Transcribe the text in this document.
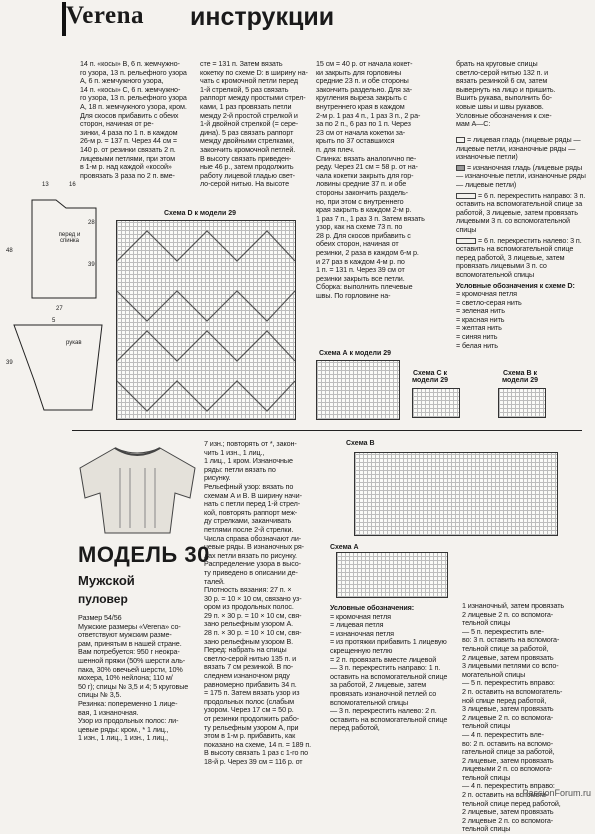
Verena инструкции
14 п. «косы» В, 6 п. жемчужно-
го узора, 13 п. рельефного узора
А, 6 п. жемчужного узора,
14 п. «косы» С, 6 п. жемчужно-
го узора, 13 п. рельефного узора
А, 18 п. жемчужного узора, кром.
Для скосов прибавить с обеих
сторон, начиная от ре-
зинки, 4 раза по 1 п. в каждом
26-м р. = 137 п. Через 44 см =
140 р. от резинки связать 2 п.
лицевыми петлями, при этом
в 1-м р. над каждой «косой»
провязать 3 раза по 2 п. вме-
сте = 131 п. Затем вязать
кокетку по схеме D: в ширину на-
чать с кромочной петли перед
1-й стрелкой, 5 раз связать
раппорт между простыми стрел-
ками, 1 раз провязать петли
между 2-й простой стрелкой и
1-й двойной стрелкой (= сере-
дина). 5 раз связать раппорт
между двойными стрелками,
закончить кромочной петлей.
В высоту связать приведен-
ные 46 р., затем продолжить
работу лицевой гладью свет-
ло-серой нитью. На высоте
15 см = 40 р. от начала кокет-
ки закрыть для горловины
средние 23 п. и обе стороны
закончить раздельно. Для за-
кругления выреза закрыть с
внутреннего края в каждом
2-м р. 1 раз 4 п., 1 раз 3 п., 2 ра-
за по 2 п., 6 раз по 1 п. Через
23 см от начала кокетки за-
крыть по 37 оставшихся
п. для плеч.
Спинка: вязать аналогично пе-
реду. Через 21 см = 58 р. от на-
чала кокетки закрыть для гор-
ловины средние 37 п. и обе
стороны закончить раздель-
но, при этом с внутреннего
края закрыть в каждом 2-м р.
1 раз 7 п., 1 раз 3 п. Затем вязать
узор, как на схеме 73 п. по
28 р. Для скосов прибавить с
обеих сторон, начиная от
резинки, 2 раза в каждом 6-м р.
и 27 раз в каждом 4-м р. по
1 п. = 131 п. Через 39 см от
резинки закрыть все петли.
Сборка: выполнить плечевые
швы. По горловине на-
брать на круговые спицы
светло-серой нитью 132 п. и
вязать резинкой 6 см, затем
вывернуть на лицо и пришить.
Вшить рукава, выполнить бо-
ковые швы и швы рукавов.
Условные обозначения к схе-
мам А—С:
= лицевая гладь (лицевые ряды — лицевые петли, изнаночные ряды — изнаночные петли)
= изнаночная гладь (лицевые ряды — изнаночные петли, изнаночные ряды — лицевые петли)
= 6 п. перекрестить направо: 3 п. оставить на вспомогательной спице за работой, 3 лицевые, затем провязать лицевыми 3 п. со вспомогательной спицы
= 6 п. перекрестить налево: 3 п. оставить на вспомогательной спице перед работой, 3 лицевые, затем провязать лицевыми 3 п. со вспомогательной спицы
Условные обозначения к схеме D:
= кромочная петля
= светло-серая нить
= зеленая нить
= красная нить
= желтая нить
= синяя нить
= белая нить
перед и спинка
рукав
13	16
28
48
39
27
5
39
Схема D к модели 29
Схема А к модели 29
Схема С к модели 29
Схема В к модели 29
МОДЕЛЬ 30
Мужской
пуловер
Размер 54/56
Мужские размеры «Verena» со-
ответствуют мужским разме-
рам, принятым в нашей стране.
Вам потребуется: 950 г неокра-
шенной пряжи (50% шерсти аль-
пака, 30% овечьей шерсти, 10%
мохера, 10% нейлона; 110 м/
50 г); спицы № 3,5 и 4; 5 круговые
спицы № 3,5.
Резинка: попеременно 1 лице-
вая, 1 изнаночная.
Узор из продольных полос: ли-
цевые ряды: кром., * 1 лиц.,
1 изн., 1 лиц., 1 изн., 1 лиц.,
7 изн.; повторять от *, закон-
чить 1 изн., 1 лиц.,
1 лиц., 1 кром. Изнаночные
ряды: петли вязать по
рисунку.
Рельефный узор: вязать по
схемам А и В. В ширину начи-
нать с петли перед 1-й стрел-
кой, повторять раппорт меж-
ду стрелками, заканчивать
петлями после 2-й стрелки.
Числа справа обозначают ли-
цевые ряды. В изнаночных ря-
дах петли вязать по рисунку.
Распределение узора в высо-
ту приведено в описании де-
талей.
Плотность вязания: 27 п. ×
30 р. = 10 × 10 см, связано уз-
ором из продольных полос.
29 п. × 30 р. = 10 × 10 см, свя-
зано рельефным узором А.
28 п. × 30 р. = 10 × 10 см, свя-
зано рельефным узором В.
Перед: набрать на спицы
светло-серой нитью 135 п. и
вязать 7 см резинкой. В по-
следнем изнаночном ряду
равномерно прибавить 34 п.
= 175 п. Затем вязать узор из
продольных полос (слабым
узором. Через 17 см = 50 р.
от резинки продолжить рабо-
ту рельефным узором А, при
этом в 1-м р. прибавить, как
показано на схеме, 14 п. = 189 п.
В высоту связать 1 раз с 1-го по
18-й р. Через 39 см = 116 р. от
Схема В
Схема А
Условные обозначения:
= кромочная петля
= лицевая петля
= изнаночная петля
= из протяжки прибавить 1 лицевую скрещенную петлю
= 2 п. провязать вместе лицевой
— 3 п. перекрестить направо: 1 п. оставить на вспомогательной спице за работой, 2 лицевые, затем провязать изнаночной петлей со вспомогательной спицы
— 3 п. перекрестить налево: 2 п. оставить на вспомогательной спице перед работой,
1 изнаночный, затем провязать
2 лицевые 2 п. со вспомога-
тельной спицы
— 5 п. перекрестить вле-
во: 3 п. оставить на вспомога-
тельной спице за работой,
2 лицевые, затем провязать
3 лицевыми петлями со вспо-
могательной спицы
— 5 п. перекрестить вправо:
2 п. оставить на вспомогатель-
ной спице перед работой,
3 лицевые, затем провязать
2 лицевые 2 п. со вспомога-
тельной спицы
— 4 п. перекрестить вле-
во: 2 п. оставить на вспомо-
гательной спице за работой,
2 лицевые, затем провязать
лицевыми 2 п. со вспомога-
тельной спицы
— 4 п. перекрестить вправо:
2 п. оставить на вспомога-
тельной спице перед работой,
2 лицевые, затем провязать
2 лицевые 2 п. со вспомога-
тельной спицы
PassionForum.ru
